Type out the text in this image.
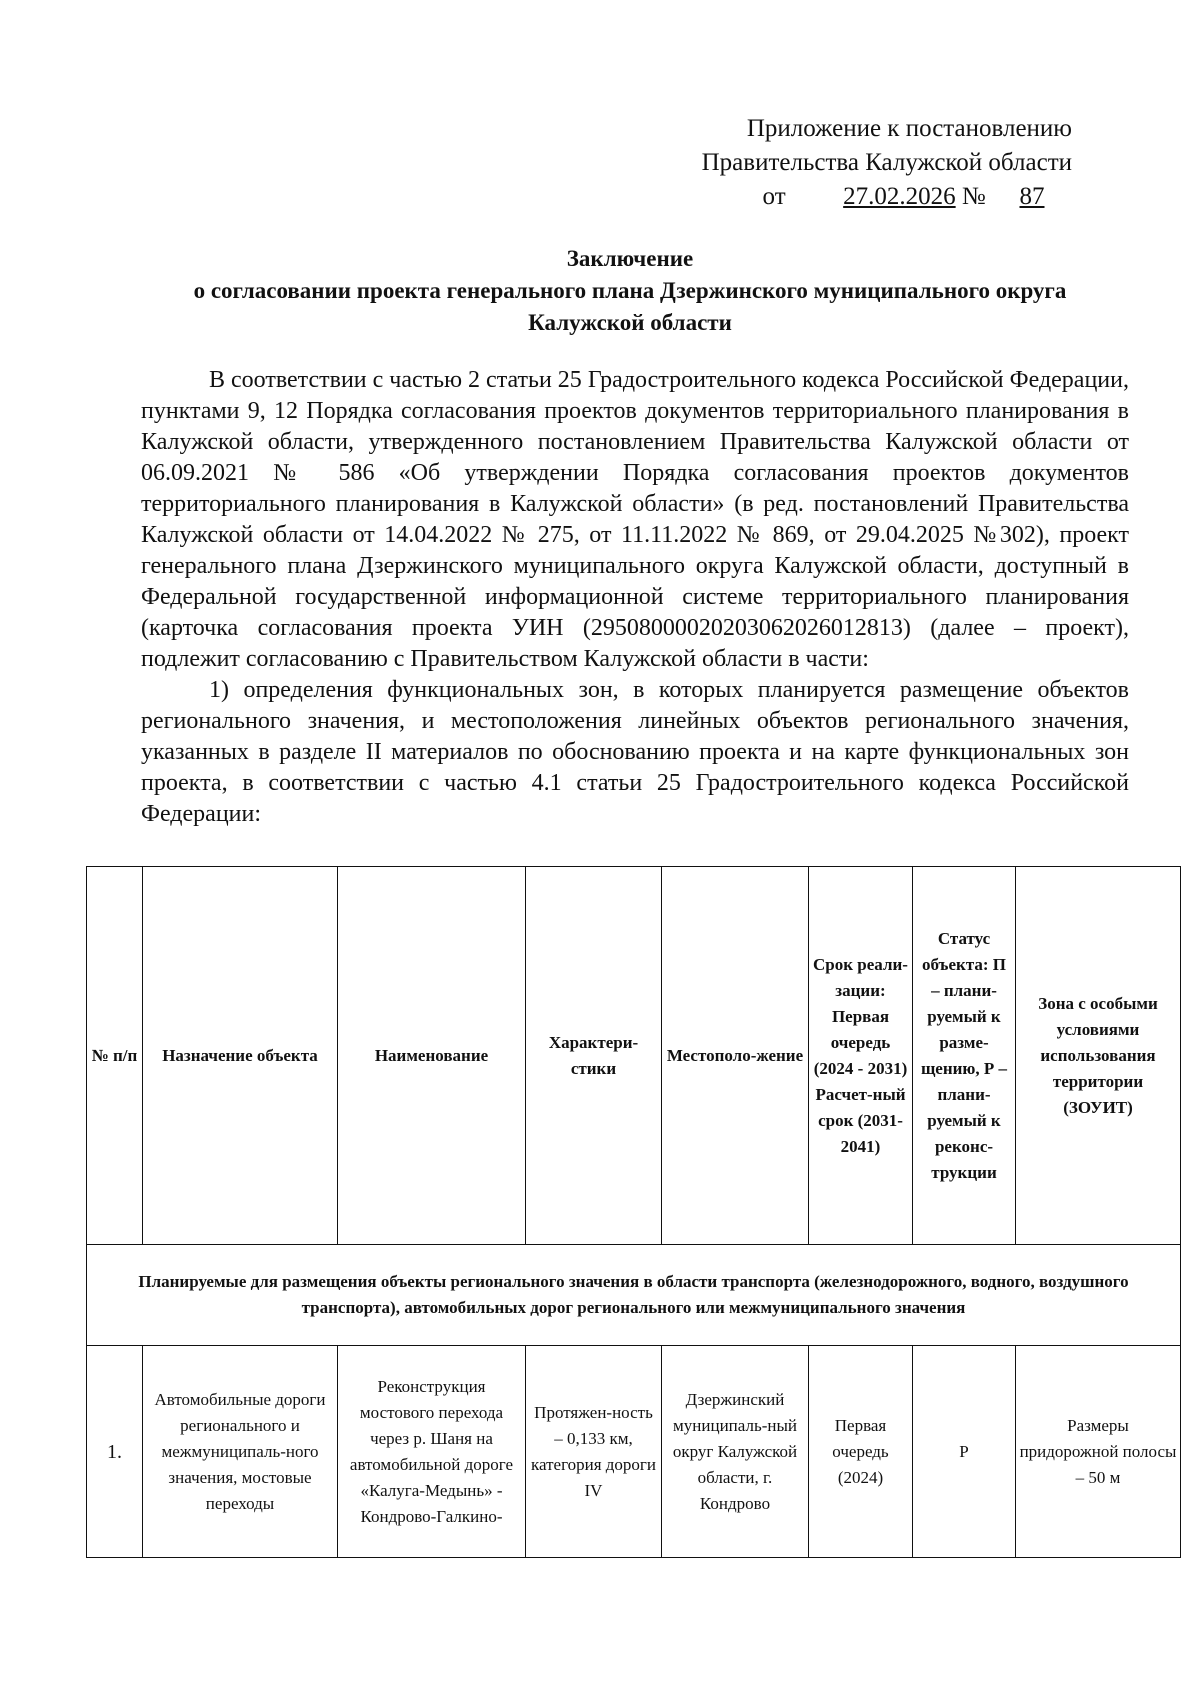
Приложение к постановлению
Правительства Калужской области
от 27.02.2026 № 87
Заключение
о согласовании проекта генерального плана Дзержинского муниципального округа Калужской области

В соответствии с частью 2 статьи 25 Градостроительного кодекса Российской Федерации, пунктами 9, 12 Порядка согласования проектов документов территориального планирования в Калужской области, утвержденного постановлением Правительства Калужской области от 06.09.2021 № 586 «Об утверждении Порядка согласования проектов документов территориального планирования в Калужской области» (в ред. постановлений Правительства Калужской области от 14.04.2022 № 275, от 11.11.2022 № 869, от 29.04.2025 №302), проект генерального плана Дзержинского муниципального округа Калужской области, доступный в Федеральной государственной информационной системе территориального планирования (карточка согласования проекта УИН (29508000020203062026012813) (далее – проект), подлежит согласованию с Правительством Калужской области в части:

1) определения функциональных зон, в которых планируется размещение объектов регионального значения, и местоположения линейных объектов регионального значения, указанных в разделе II материалов по обоснованию проекта и на карте функциональных зон проекта, в соответствии с частью 4.1 статьи 25 Градостроительного кодекса Российской Федерации:

№ п/п	Назначение объекта	Наименование	Характери-стики	Местополо-жение	Срок реали-зации: Первая очередь (2024 - 2031) Расчет-ный срок (2031-2041)	Статус объекта: П – плани-руемый к разме-щению, Р – плани-руемый к реконс-трукции	Зона с особыми условиями использования территории (ЗОУИТ)
Планируемые для размещения объекты регионального значения в области транспорта (железнодорожного, водного, воздушного транспорта), автомобильных дорог регионального или межмуниципального значения							
1.	Автомобильные дороги регионального и межмуниципаль-ного значения, мостовые переходы	Реконструкция мостового перехода через р. Шаня на автомобильной дороге «Калуга-Медынь» - Кондрово-Галкино-	Протяжен-ность – 0,133 км, категория дороги IV	Дзержинский муниципаль-ный округ Калужской области, г. Кондрово	Первая очередь (2024)	Р	Размеры придорожной полосы – 50 м
